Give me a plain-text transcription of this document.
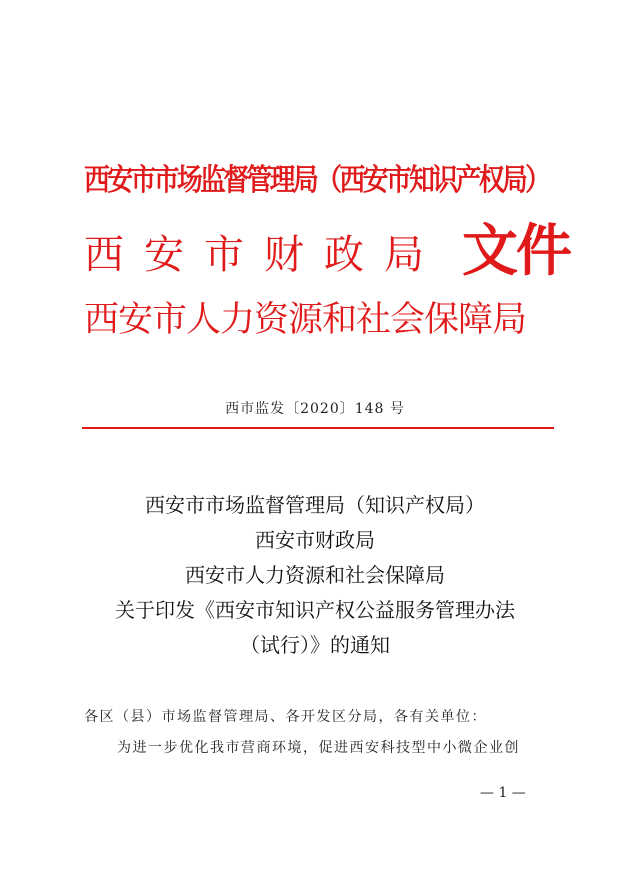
西安市市场监督管理局（西安市知识产权局）
西 安 市 财 政 局 文件
西安市人力资源和社会保障局
西市监发〔2020〕148 号
西安市市场监督管理局（知识产权局）
西安市财政局
西安市人力资源和社会保障局
关于印发《西安市知识产权公益服务管理办法
（试行）》的通知
各区（县）市场监督管理局、各开发区分局，各有关单位：
为进一步优化我市营商环境，促进西安科技型中小微企业创
— 1 —
